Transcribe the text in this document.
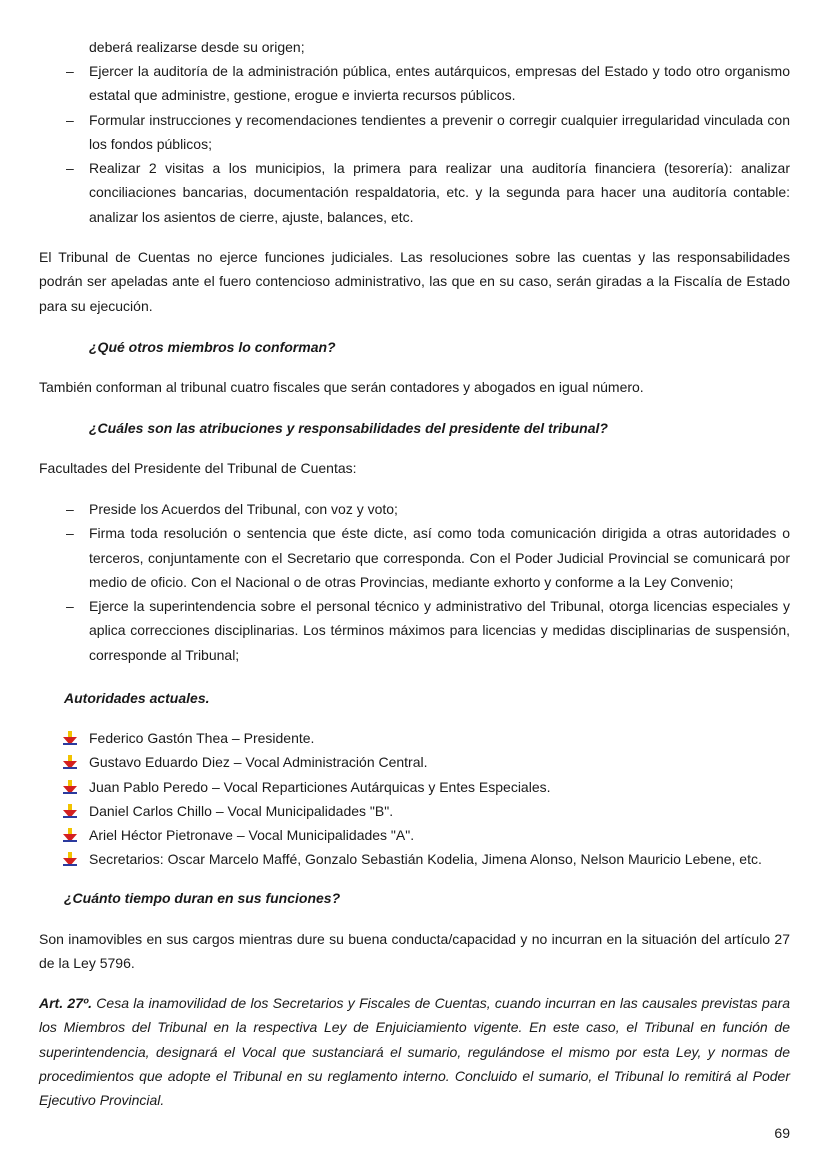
deberá realizarse desde su origen;

– Ejercer la auditoría de la administración pública, entes autárquicos, empresas del Estado y todo otro organismo estatal que administre, gestione, erogue e invierta recursos públicos.
– Formular instrucciones y recomendaciones tendientes a prevenir o corregir cualquier irregularidad vinculada con los fondos públicos;
– Realizar 2 visitas a los municipios, la primera para realizar una auditoría financiera (tesorería): analizar conciliaciones bancarias, documentación respaldatoria, etc. y la segunda para hacer una auditoría contable: analizar los asientos de cierre, ajuste, balances, etc.

El Tribunal de Cuentas no ejerce funciones judiciales. Las resoluciones sobre las cuentas y las responsabilidades podrán ser apeladas ante el fuero contencioso administrativo, las que en su caso, serán giradas a la Fiscalía de Estado para su ejecución.

¿Qué otros miembros lo conforman?

También conforman al tribunal cuatro fiscales que serán contadores y abogados en igual número.

¿Cuáles son las atribuciones y responsabilidades del presidente del tribunal?

Facultades del Presidente del Tribunal de Cuentas:

– Preside los Acuerdos del Tribunal, con voz y voto;
– Firma toda resolución o sentencia que éste dicte, así como toda comunicación dirigida a otras autoridades o terceros, conjuntamente con el Secretario que corresponda. Con el Poder Judicial Provincial se comunicará por medio de oficio. Con el Nacional o de otras Provincias, mediante exhorto y conforme a la Ley Convenio;
– Ejerce la superintendencia sobre el personal técnico y administrativo del Tribunal, otorga licencias especiales y aplica correcciones disciplinarias. Los términos máximos para licencias y medidas disciplinarias de suspensión, corresponde al Tribunal;

Autoridades actuales.

Federico Gastón Thea – Presidente.
Gustavo Eduardo Diez – Vocal Administración Central.
Juan Pablo Peredo – Vocal Reparticiones Autárquicas y Entes Especiales.
Daniel Carlos Chillo – Vocal Municipalidades "B".
Ariel Héctor Pietronave – Vocal Municipalidades "A".
Secretarios: Oscar Marcelo Maffé, Gonzalo Sebastián Kodelia, Jimena Alonso, Nelson Mauricio Lebene, etc.

¿Cuánto tiempo duran en sus funciones?

Son inamovibles en sus cargos mientras dure su buena conducta/capacidad y no incurran en la situación del artículo 27 de la Ley 5796.

Art. 27º. Cesa la inamovilidad de los Secretarios y Fiscales de Cuentas, cuando incurran en las causales previstas para los Miembros del Tribunal en la respectiva Ley de Enjuiciamiento vigente. En este caso, el Tribunal en función de superintendencia, designará el Vocal que sustanciará el sumario, regulándose el mismo por esta Ley, y normas de procedimientos que adopte el Tribunal en su reglamento interno. Concluido el sumario, el Tribunal lo remitirá al Poder Ejecutivo Provincial.

69
